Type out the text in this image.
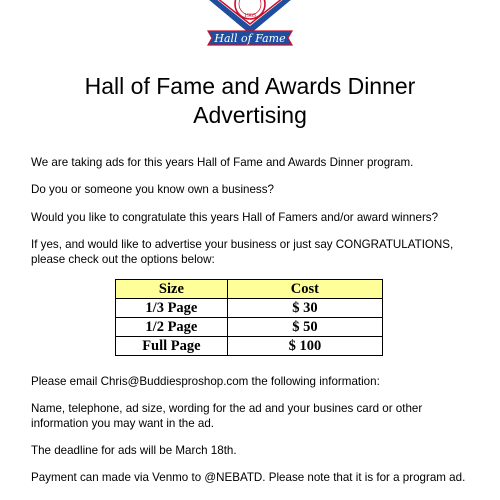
1963
Hall of Fame
Hall of Fame and Awards Dinner
Advertising

We are taking ads for this years Hall of Fame and Awards Dinner program.

Do you or someone you know own a business?

Would you like to congratulate this years Hall of Famers and/or award winners?

If yes, and would like to advertise your business or just say CONGRATULATIONS, please check out the options below:

Size	Cost
1/3 Page	$ 30
1/2 Page	$ 50
Full Page	$ 100

Please email Chris@Buddiesproshop.com the following information:

Name, telephone, ad size, wording for the ad and your busines card or other information you may want in the ad.

The deadline for ads will be March 18th.

Payment can made via Venmo to @NEBATD. Please note that it is for a program ad.
